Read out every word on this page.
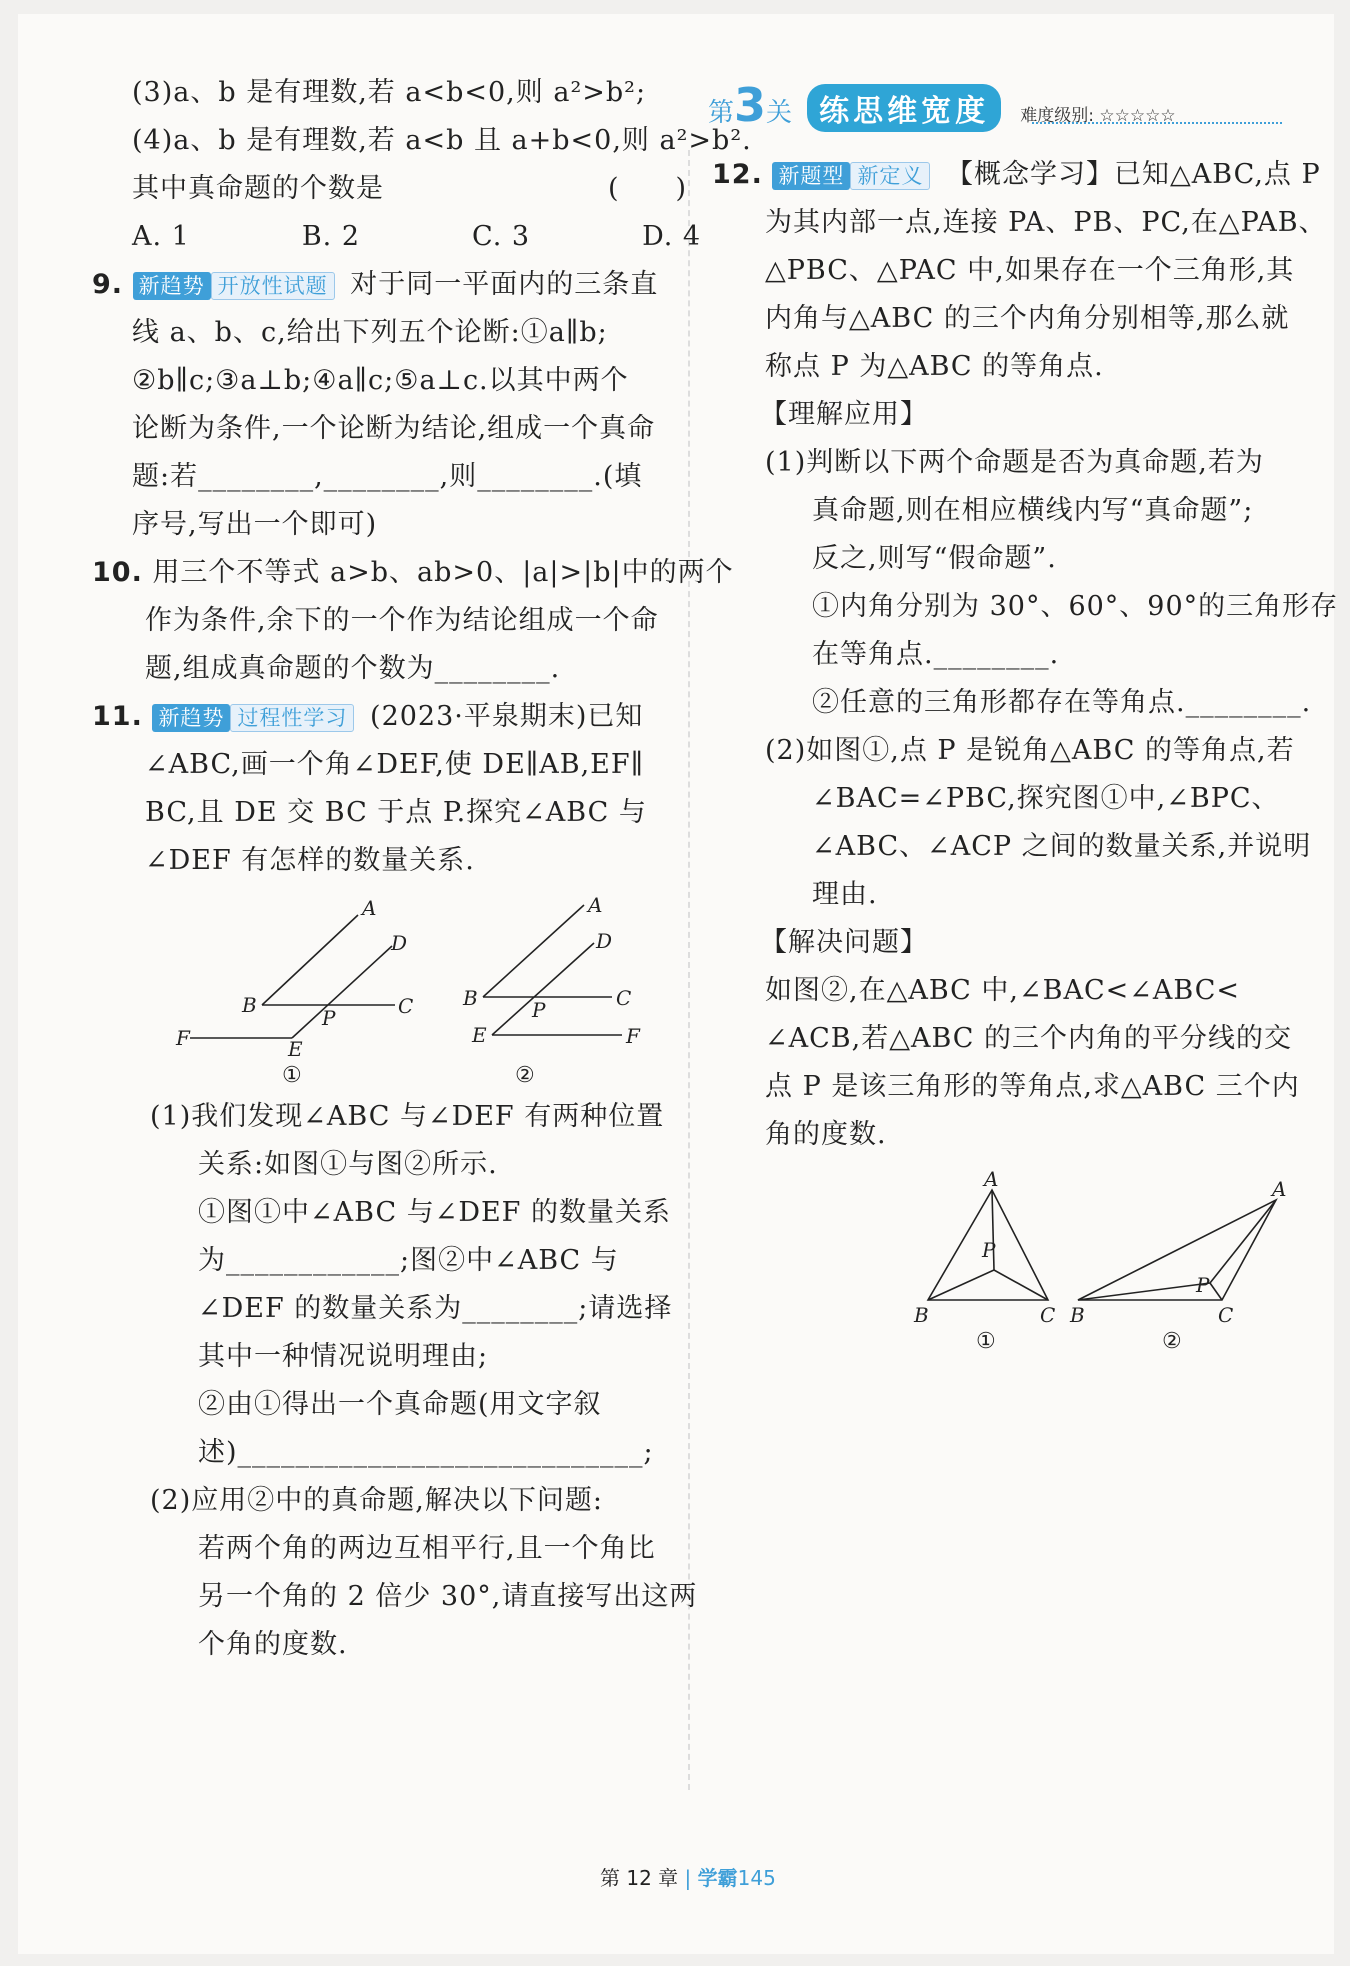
(3)a、b 是有理数,若 a<b<0,则 a²>b²;
(4)a、b 是有理数,若 a<b 且 a+b<0,则 a²>b².
其中真命题的个数是　　　　　　　　(　　)
A. 1　　　　B. 2　　　　C. 3　　　　D. 4
9. 新趋势 开放性试题 对于同一平面内的三条直
线 a、b、c,给出下列五个论断:①a∥b;
②b∥c;③a⊥b;④a∥c;⑤a⊥c.以其中两个
论断为条件,一个论断为结论,组成一个真命
题:若________,________,则________.(填
序号,写出一个即可)
10. 用三个不等式 a>b、ab>0、|a|>|b|中的两个
作为条件,余下的一个作为结论组成一个命
题,组成真命题的个数为________.
11. 新趋势 过程性学习 (2023·平泉期末)已知
∠ABC,画一个角∠DEF,使 DE∥AB,EF∥
BC,且 DE 交 BC 于点 P.探究∠ABC 与
∠DEF 有怎样的数量关系.
A
B	C
D
E
F
P
①
A
B	C
D
E	F
P
②
(1)我们发现∠ABC 与∠DEF 有两种位置
关系:如图①与图②所示.
①图①中∠ABC 与∠DEF 的数量关系
为____________;图②中∠ABC 与
∠DEF 的数量关系为________;请选择
其中一种情况说明理由;
②由①得出一个真命题(用文字叙
述)____________________________;
(2)应用②中的真命题,解决以下问题:
若两个角的两边互相平行,且一个角比
另一个角的 2 倍少 30°,请直接写出这两
个角的度数.
第3关 练思维宽度 难度级别: ☆☆☆☆☆
12. 新题型 新定义 【概念学习】已知△ABC,点 P
为其内部一点,连接 PA、PB、PC,在△PAB、
△PBC、△PAC 中,如果存在一个三角形,其
内角与△ABC 的三个内角分别相等,那么就
称点 P 为△ABC 的等角点.
【理解应用】
(1)判断以下两个命题是否为真命题,若为
真命题,则在相应横线内写“真命题”;
反之,则写“假命题”.
①内角分别为 30°、60°、90°的三角形存
在等角点.________.
②任意的三角形都存在等角点.________.
(2)如图①,点 P 是锐角△ABC 的等角点,若
∠BAC=∠PBC,探究图①中,∠BPC、
∠ABC、∠ACP 之间的数量关系,并说明
理由.
【解决问题】
如图②,在△ABC 中,∠BAC<∠ABC<
∠ACB,若△ABC 的三个内角的平分线的交
点 P 是该三角形的等角点,求△ABC 三个内
角的度数.
A
B	C
P
①
A
B	C
P
②
第 12 章 | 学霸145
